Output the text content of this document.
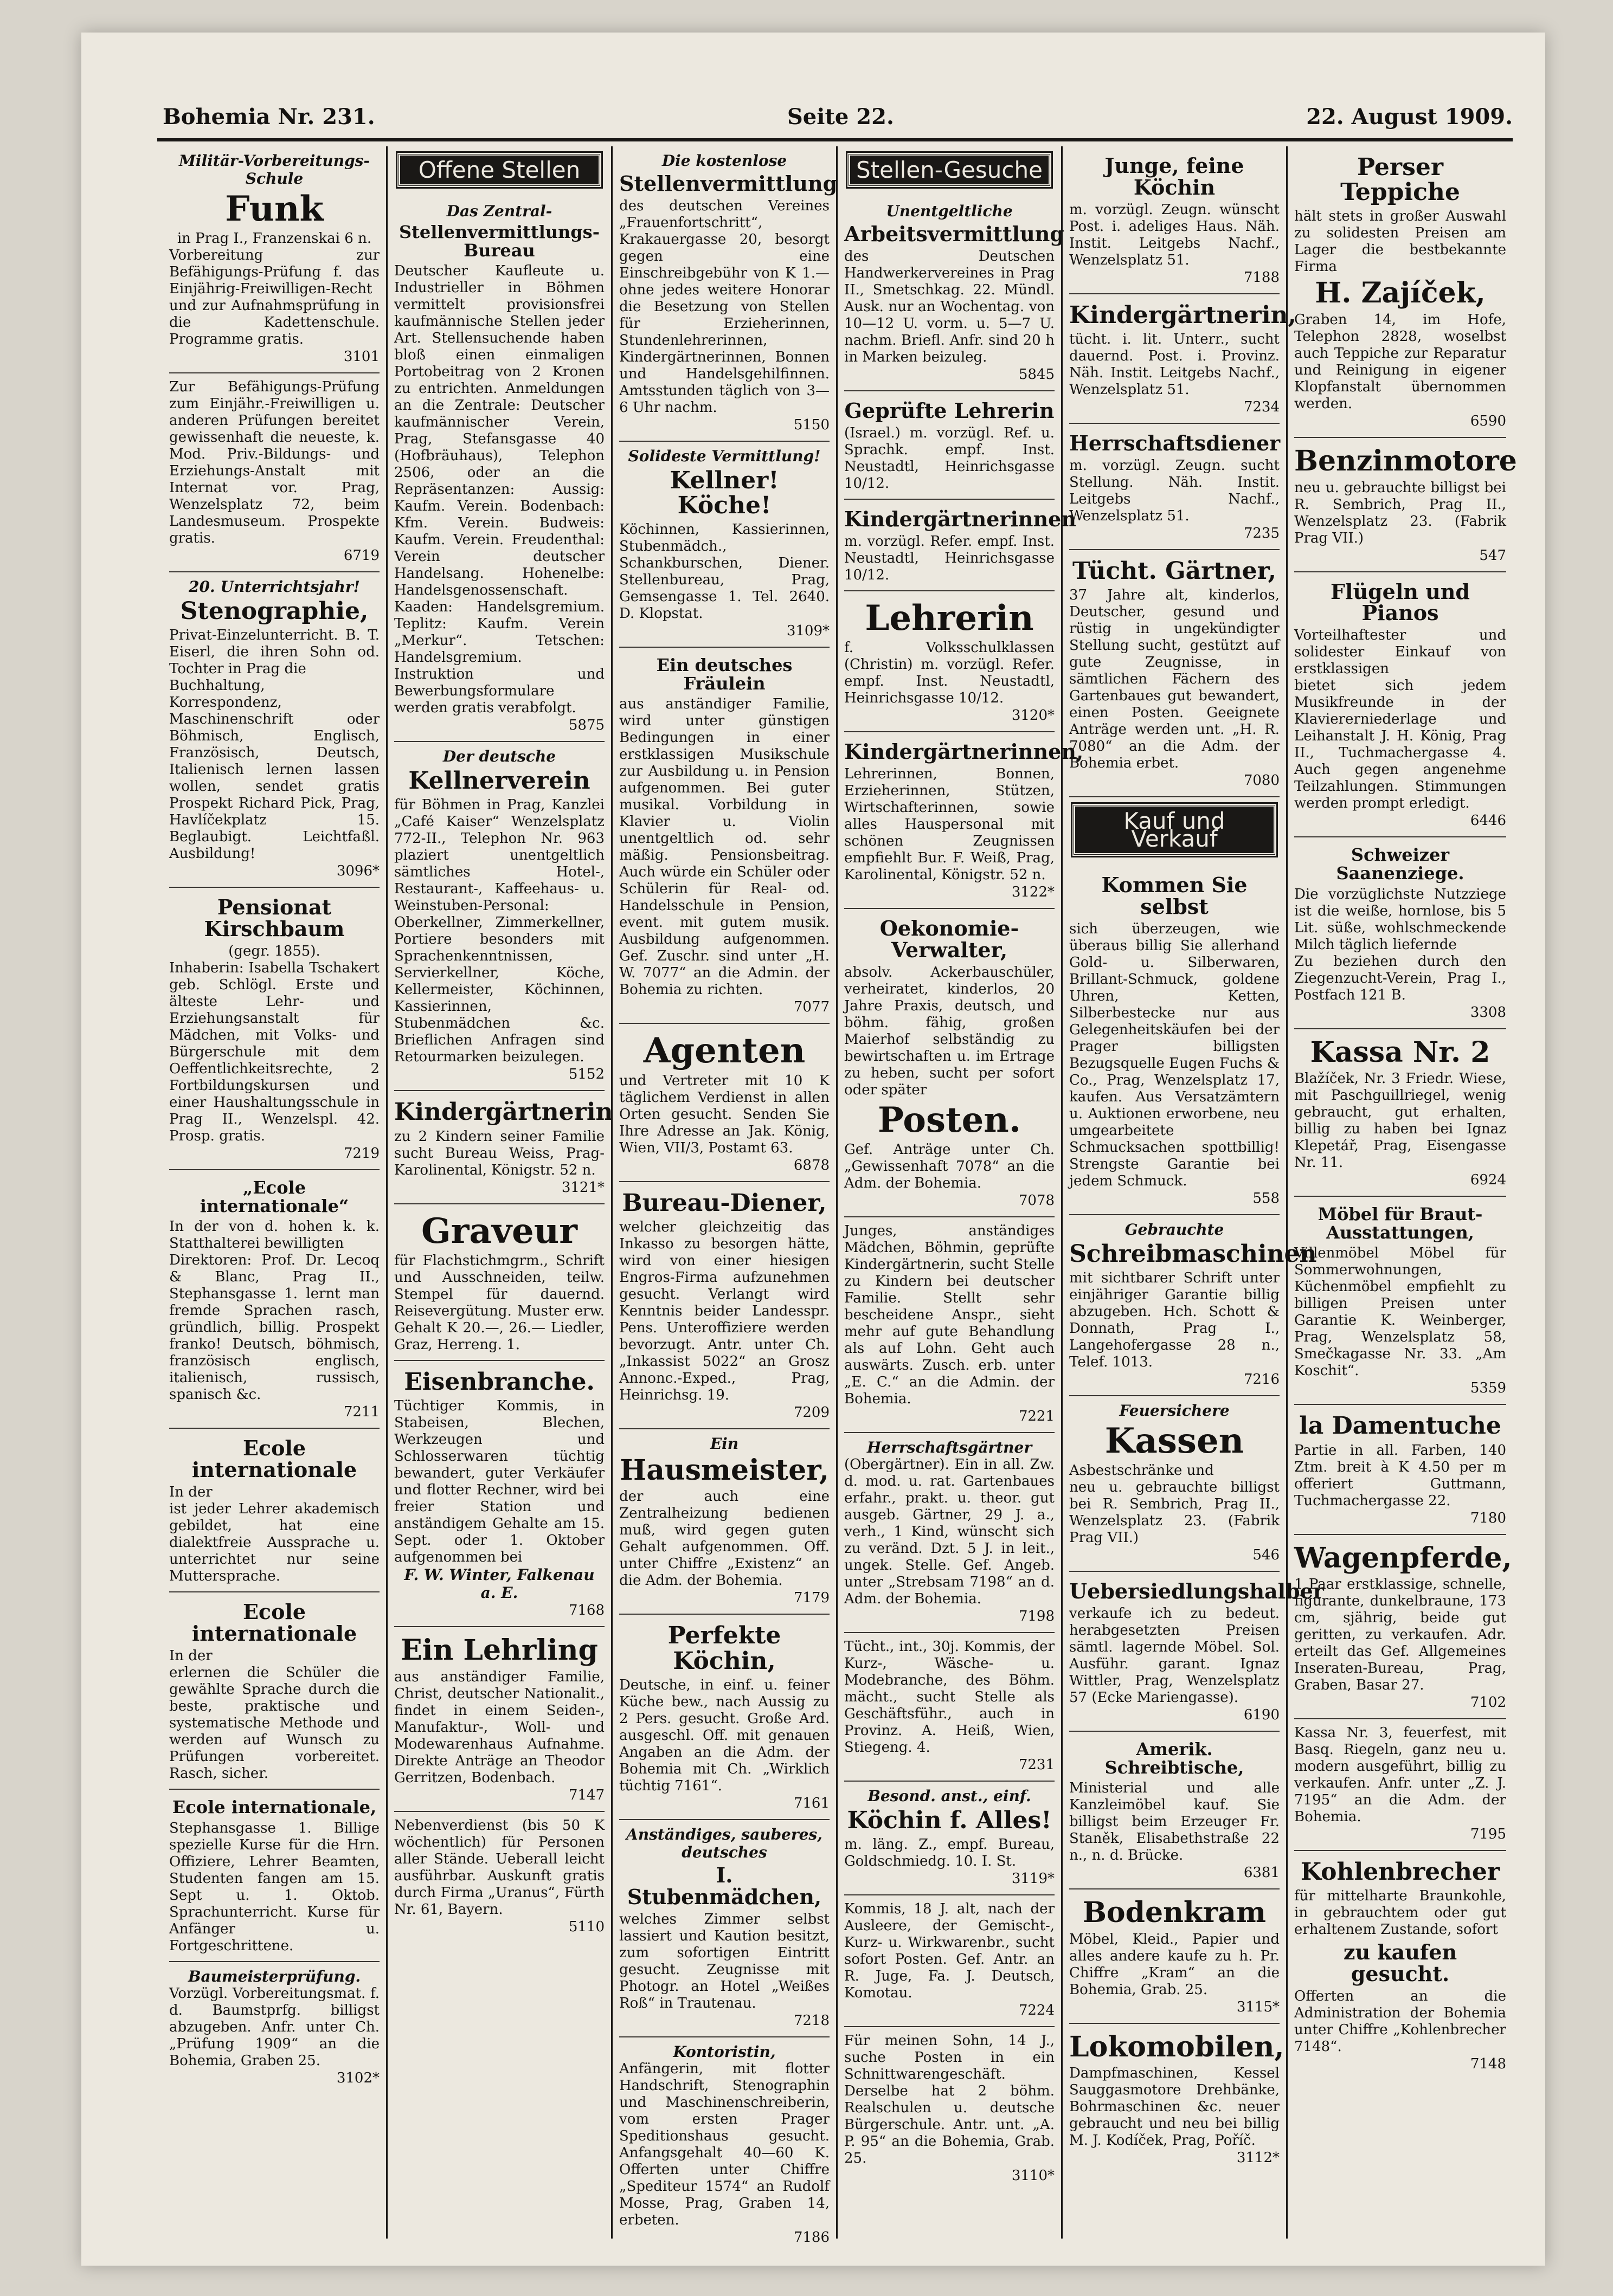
Bohemia Nr. 231.	Seite 22.	22. August 1909.

Militär-Vorbereitungs-Schule

Funk

in Prag I., Franzenskai 6 n.

Vorbereitung zur Befähigungs-Prüfung f. das Einjährig-Freiwilligen-Recht und zur Aufnahmsprüfung in die Kadettenschule. Programme gratis.

3101

Zur Befähigungs-Prüfung zum Einjähr.-Freiwilligen u. anderen Prüfungen bereitet gewissenhaft die neueste, k. Mod. Priv.-Bildungs- und Erziehungs-Anstalt mit Internat vor. Prag, Wenzelsplatz 72, beim Landesmuseum. Prospekte gratis.

6719

20. Unterrichtsjahr!

Stenographie,

Privat-Einzelunterricht. B. T. Eiserl, die ihren Sohn od. Tochter in Prag die

Buchhaltung, Korrespondenz, Maschinenschrift oder Böhmisch, Englisch, Französisch, Deutsch, Italienisch lernen lassen wollen, sendet gratis Prospekt Richard Pick, Prag, Havlíčekplatz 15. Beglaubigt. Leichtfaßl. Ausbildung!

3096*

Pensionat Kirschbaum

(gegr. 1855).

Inhaberin: Isabella Tschakert geb. Schlögl. Erste und älteste Lehr- und Erziehungsanstalt für Mädchen, mit Volks- und Bürgerschule mit dem Oeffentlichkeitsrechte, 2 Fortbildungskursen und einer Haushaltungsschule in Prag II., Wenzelspl. 42. Prosp. gratis.

7219

„Ecole internationale“

In der von d. hohen k. k. Statthalterei bewilligten

Direktoren: Prof. Dr. Lecoq & Blanc, Prag II., Stephansgasse 1. lernt man fremde Sprachen rasch, gründlich, billig. Prospekt franko! Deutsch, böhmisch, französisch englisch, italienisch, russisch, spanisch &c.

7211

Ecole internationale

In der

ist jeder Lehrer akademisch gebildet, hat eine dialektfreie Aussprache u. unterrichtet nur seine Muttersprache.

Ecole internationale

In der

erlernen die Schüler die gewählte Sprache durch die beste, praktische und systematische Methode und werden auf Wunsch zu Prüfungen vorbereitet. Rasch, sicher.

Ecole internationale,

Stephansgasse 1. Billige spezielle Kurse für die Hrn. Offiziere, Lehrer Beamten, Studenten fangen am 15. Sept u. 1. Oktob. Sprachunterricht. Kurse für Anfänger u. Fortgeschrittene.

Baumeisterprüfung.

Vorzügl. Vorbereitungsmat. f. d. Baumstprfg. billigst abzugeben. Anfr. unter Ch. „Prüfung 1909“ an die Bohemia, Graben 25.

3102*

Offene Stellen

Das Zentral-

Stellenvermittlungs-Bureau

Deutscher Kaufleute u. Industrieller in Böhmen vermittelt provisionsfrei kaufmännische Stellen jeder Art. Stellensuchende haben bloß einen einmaligen Portobeitrag von 2 Kronen zu entrichten. Anmeldungen an die Zentrale: Deutscher kaufmännischer Verein, Prag, Stefansgasse 40 (Hofbräuhaus), Telephon 2506, oder an die Repräsentanzen: Aussig: Kaufm. Verein. Bodenbach: Kfm. Verein. Budweis: Kaufm. Verein. Freudenthal: Verein deutscher Handelsang. Hohenelbe: Handelsgenossenschaft. Kaaden: Handelsgremium. Teplitz: Kaufm. Verein „Merkur“. Tetschen: Handelsgremium. Instruktion und Bewerbungsformulare werden gratis verabfolgt.

5875

Der deutsche

Kellnerverein

für Böhmen in Prag, Kanzlei „Café Kaiser“ Wenzelsplatz 772-II., Telephon Nr. 963 plaziert unentgeltlich sämtliches Hotel-, Restaurant-, Kaffeehaus- u. Weinstuben-Personal: Oberkellner, Zimmerkellner, Portiere besonders mit Sprachenkenntnissen, Servierkellner, Köche, Kellermeister, Köchinnen, Kassierinnen, Stubenmädchen &c. Brieflichen Anfragen sind Retourmarken beizulegen.

5152

Kindergärtnerin

zu 2 Kindern seiner Familie sucht Bureau Weiss, Prag-Karolinental, Königstr. 52 n.

3121*

Graveur

für Flachstichmgrm., Schrift und Ausschneiden, teilw. Stempel für dauernd. Reisevergütung. Muster erw. Gehalt K 20.—, 26.— Liedler, Graz, Herreng. 1.

Eisenbranche.

Tüchtiger Kommis, in Stabeisen, Blechen, Werkzeugen und Schlosserwaren tüchtig bewandert, guter Verkäufer und flotter Rechner, wird bei freier Station und anständigem Gehalte am 15. Sept. oder 1. Oktober aufgenommen bei

F. W. Winter, Falkenau a. E.

7168

Ein Lehrling

aus anständiger Familie, Christ, deutscher Nationalit., findet in einem Seiden-, Manufaktur-, Woll- und Modewarenhaus Aufnahme. Direkte Anträge an Theodor Gerritzen, Bodenbach.

7147

Nebenverdienst (bis 50 K wöchentlich) für Personen aller Stände. Ueberall leicht ausführbar. Auskunft gratis durch Firma „Uranus“, Fürth Nr. 61, Bayern.

5110

Die kostenlose

Stellenvermittlung

des deutschen Vereines „Frauenfortschritt“, Krakauergasse 20, besorgt gegen eine Einschreibgebühr von K 1.— ohne jedes weitere Honorar die Besetzung von Stellen für Erzieherinnen, Stundenlehrerinnen, Kindergärtnerinnen, Bonnen und Handelsgehilfinnen. Amtsstunden täglich von 3—6 Uhr nachm.

5150

Solideste Vermittlung!

Kellner! Köche!

Köchinnen, Kassierinnen, Stubenmädch., Schankburschen, Diener. Stellenbureau, Prag, Gemsengasse 1. Tel. 2640. D. Klopstat.

3109*

Ein deutsches Fräulein

aus anständiger Familie, wird unter günstigen Bedingungen in einer erstklassigen Musikschule zur Ausbildung u. in Pension aufgenommen. Bei guter musikal. Vorbildung in Klavier u. Violin unentgeltlich od. sehr mäßig. Pensionsbeitrag. Auch würde ein Schüler oder Schülerin für Real- od. Handelsschule in Pension, event. mit gutem musik. Ausbildung aufgenommen. Gef. Zuschr. sind unter „H. W. 7077“ an die Admin. der Bohemia zu richten.

7077

Agenten

und Vertreter mit 10 K täglichem Verdienst in allen Orten gesucht. Senden Sie Ihre Adresse an Jak. König, Wien, VII/3, Postamt 63.

6878

Bureau-Diener,

welcher gleichzeitig das Inkasso zu besorgen hätte, wird von einer hiesigen Engros-Firma aufzunehmen gesucht. Verlangt wird Kenntnis beider Landesspr. Pens. Unteroffiziere werden bevorzugt. Antr. unter Ch. „Inkassist 5022“ an Grosz Annonc.-Exped., Prag, Heinrichsg. 19.

7209

Ein

Hausmeister,

der auch eine Zentralheizung bedienen muß, wird gegen guten Gehalt aufgenommen. Off. unter Chiffre „Existenz“ an die Adm. der Bohemia.

7179

Perfekte Köchin,

Deutsche, in einf. u. feiner Küche bew., nach Aussig zu 2 Pers. gesucht. Große Ard. ausgeschl. Off. mit genauen Angaben an die Adm. der Bohemia mit Ch. „Wirklich tüchtig 7161“.

7161

Anständiges, sauberes, deutsches

I. Stubenmädchen,

welches Zimmer selbst lassiert und Kaution besitzt, zum sofortigen Eintritt gesucht. Zeugnisse mit Photogr. an Hotel „Weißes Roß“ in Trautenau.

7218

Kontoristin,

Anfängerin, mit flotter Handschrift, Stenographin und Maschinenschreiberin, vom ersten Prager Speditionshaus gesucht. Anfangsgehalt 40—60 K. Offerten unter Chiffre „Spediteur 1574“ an Rudolf Mosse, Prag, Graben 14, erbeten.

7186

Stellen-Gesuche

Unentgeltliche

Arbeitsvermittlung

des Deutschen Handwerkervereines in Prag II., Smetschkag. 22. Mündl. Ausk. nur an Wochentag. von 10—12 U. vorm. u. 5—7 U. nachm. Briefl. Anfr. sind 20 h in Marken beizuleg.

5845

Geprüfte Lehrerin

(Israel.) m. vorzügl. Ref. u. Sprachk. empf. Inst. Neustadtl, Heinrichsgasse 10/12.

Kindergärtnerinnen

m. vorzügl. Refer. empf. Inst. Neustadtl, Heinrichsgasse 10/12.

Lehrerin

f. Volksschulklassen (Christin) m. vorzügl. Refer. empf. Inst. Neustadtl, Heinrichsgasse 10/12.

3120*

Kindergärtnerinnen,

Lehrerinnen, Bonnen, Erzieherinnen, Stützen, Wirtschafterinnen, sowie alles Hauspersonal mit schönen Zeugnissen empfiehlt Bur. F. Weiß, Prag, Karolinental, Königstr. 52 n.

3122*

Oekonomie-Verwalter,

absolv. Ackerbauschüler, verheiratet, kinderlos, 20 Jahre Praxis, deutsch, und böhm. fähig, großen Maierhof selbständig zu bewirtschaften u. im Ertrage zu heben, sucht per sofort oder später

Posten.

Gef. Anträge unter Ch. „Gewissenhaft 7078“ an die Adm. der Bohemia.

7078

Junges, anständiges Mädchen, Böhmin, geprüfte Kindergärtnerin, sucht Stelle zu Kindern bei deutscher Familie. Stellt sehr bescheidene Anspr., sieht mehr auf gute Behandlung als auf Lohn. Geht auch auswärts. Zusch. erb. unter „E. C.“ an die Admin. der Bohemia.

7221

Herrschaftsgärtner

(Obergärtner). Ein in all. Zw. d. mod. u. rat. Gartenbaues erfahr., prakt. u. theor. gut ausgeb. Gärtner, 29 J. a., verh., 1 Kind, wünscht sich zu veränd. Dzt. 5 J. in leit., ungek. Stelle. Gef. Angeb. unter „Strebsam 7198“ an d. Adm. der Bohemia.

7198

Tücht., int., 30j. Kommis, der Kurz-, Wäsche- u. Modebranche, des Böhm. mächt., sucht Stelle als Geschäftsführ., auch in Provinz. A. Heiß, Wien, Stiegeng. 4.

7231

Besond. anst., einf.

Köchin f. Alles!

m. läng. Z., empf. Bureau, Goldschmiedg. 10. I. St.

3119*

Kommis, 18 J. alt, nach der Ausleere, der Gemischt-, Kurz- u. Wirkwarenbr., sucht sofort Posten. Gef. Antr. an R. Juge, Fa. J. Deutsch, Komotau.

7224

Für meinen Sohn, 14 J., suche Posten in ein Schnittwarengeschäft. Derselbe hat 2 böhm. Realschulen u. deutsche Bürgerschule. Antr. unt. „A. P. 95“ an die Bohemia, Grab. 25.

3110*

Junge, feine Köchin

m. vorzügl. Zeugn. wünscht Post. i. adeliges Haus. Näh. Instit. Leitgebs Nachf., Wenzelsplatz 51.

7188

Kindergärtnerin,

tücht. i. lit. Unterr., sucht dauernd. Post. i. Provinz. Näh. Instit. Leitgebs Nachf., Wenzelsplatz 51.

7234

Herrschaftsdiener

m. vorzügl. Zeugn. sucht Stellung. Näh. Instit. Leitgebs Nachf., Wenzelsplatz 51.

7235

Tücht. Gärtner,

37 Jahre alt, kinderlos, Deutscher, gesund und rüstig in ungekündigter Stellung sucht, gestützt auf gute Zeugnisse, in sämtlichen Fächern des Gartenbaues gut bewandert, einen Posten. Geeignete Anträge werden unt. „H. R. 7080“ an die Adm. der Bohemia erbet.

7080

Kauf und Verkauf
Kommen Sie selbst

sich überzeugen, wie überaus billig Sie allerhand Gold- u. Silberwaren, Brillant-Schmuck, goldene Uhren, Ketten, Silberbestecke nur aus Gelegenheitskäufen bei der Prager billigsten Bezugsquelle Eugen Fuchs & Co., Prag, Wenzelsplatz 17, kaufen. Aus Versatzämtern u. Auktionen erworbene, neu umgearbeitete Schmucksachen spottbillig! Strengste Garantie bei jedem Schmuck.

558

Gebrauchte

Schreibmaschinen

mit sichtbarer Schrift unter einjähriger Garantie billig abzugeben. Hch. Schott & Donnath, Prag I., Langehofergasse 28 n., Telef. 1013.

7216

Feuersichere

Kassen

Asbestschränke und

neu u. gebrauchte billigst bei R. Sembrich, Prag II., Wenzelsplatz 23. (Fabrik Prag VII.)

546

Uebersiedlungshalber

verkaufe ich zu bedeut. herabgesetzten Preisen sämtl. lagernde Möbel. Sol. Ausführ. garant. Ignaz Wittler, Prag, Wenzelsplatz 57 (Ecke Mariengasse).

6190

Amerik. Schreibtische,

Ministerial und alle Kanzleimöbel kauf. Sie billigst beim Erzeuger Fr. Staněk, Elisabethstraße 22 n., n. d. Brücke.

6381

Bodenkram

Möbel, Kleid., Papier und alles andere kaufe zu h. Pr. Chiffre „Kram“ an die Bohemia, Grab. 25.

3115*

Lokomobilen,

Dampfmaschinen, Kessel Sauggasmotore Drehbänke, Bohrmaschinen &c. neuer gebraucht und neu bei billig M. J. Kodíček, Prag, Poříč.

3112*

Perser Teppiche

hält stets in großer Auswahl zu solidesten Preisen am Lager die bestbekannte Firma

H. Zajíček,

Graben 14, im Hofe, Telephon 2828, woselbst auch Teppiche zur Reparatur und Reinigung in eigener Klopfanstalt übernommen werden.

6590

Benzinmotore

neu u. gebrauchte billigst bei R. Sembrich, Prag II., Wenzelsplatz 23. (Fabrik Prag VII.)

547

Flügeln und Pianos

Vorteilhaftester und solidester Einkauf von erstklassigen

bietet sich jedem Musikfreunde in der Klaviererniederlage und Leihanstalt J. H. König, Prag II., Tuchmachergasse 4. Auch gegen angenehme Teilzahlungen. Stimmungen werden prompt erledigt.

6446

Schweizer Saanenziege.

Die vorzüglichste Nutzziege ist die weiße, hornlose, bis 5 Lit. süße, wohlschmeckende Milch täglich liefernde

Zu beziehen durch den Ziegenzucht-Verein, Prag I., Postfach 121 B.

3308

Kassa Nr. 2

Blažíček, Nr. 3 Friedr. Wiese, mit Paschguillriegel, wenig gebraucht, gut erhalten, billig zu haben bei Ignaz Klepetář, Prag, Eisengasse Nr. 11.

6924

Möbel für Braut-Ausstattungen,

Villenmöbel Möbel für Sommerwohnungen, Küchenmöbel empfiehlt zu billigen Preisen unter Garantie K. Weinberger, Prag, Wenzelsplatz 58, Smečkagasse Nr. 33. „Am Koschit“.

5359

la Damentuche

Partie in all. Farben, 140 Ztm. breit à K 4.50 per m offeriert Guttmann, Tuchmachergasse 22.

7180

Wagenpferde,

1 Paar erstklassige, schnelle, figurante, dunkelbraune, 173 cm, sjährig, beide gut geritten, zu verkaufen. Adr. erteilt das Gef. Allgemeines Inseraten-Bureau, Prag, Graben, Basar 27.

7102

Kassa Nr. 3, feuerfest, mit Basq. Riegeln, ganz neu u. modern ausgeführt, billig zu verkaufen. Anfr. unter „Z. J. 7195“ an die Adm. der Bohemia.

7195

Kohlenbrecher

für mittelharte Braunkohle, in gebrauchtem oder gut erhaltenem Zustande, sofort

zu kaufen gesucht.

Offerten an die Administration der Bohemia unter Chiffre „Kohlenbrecher 7148“.

7148
